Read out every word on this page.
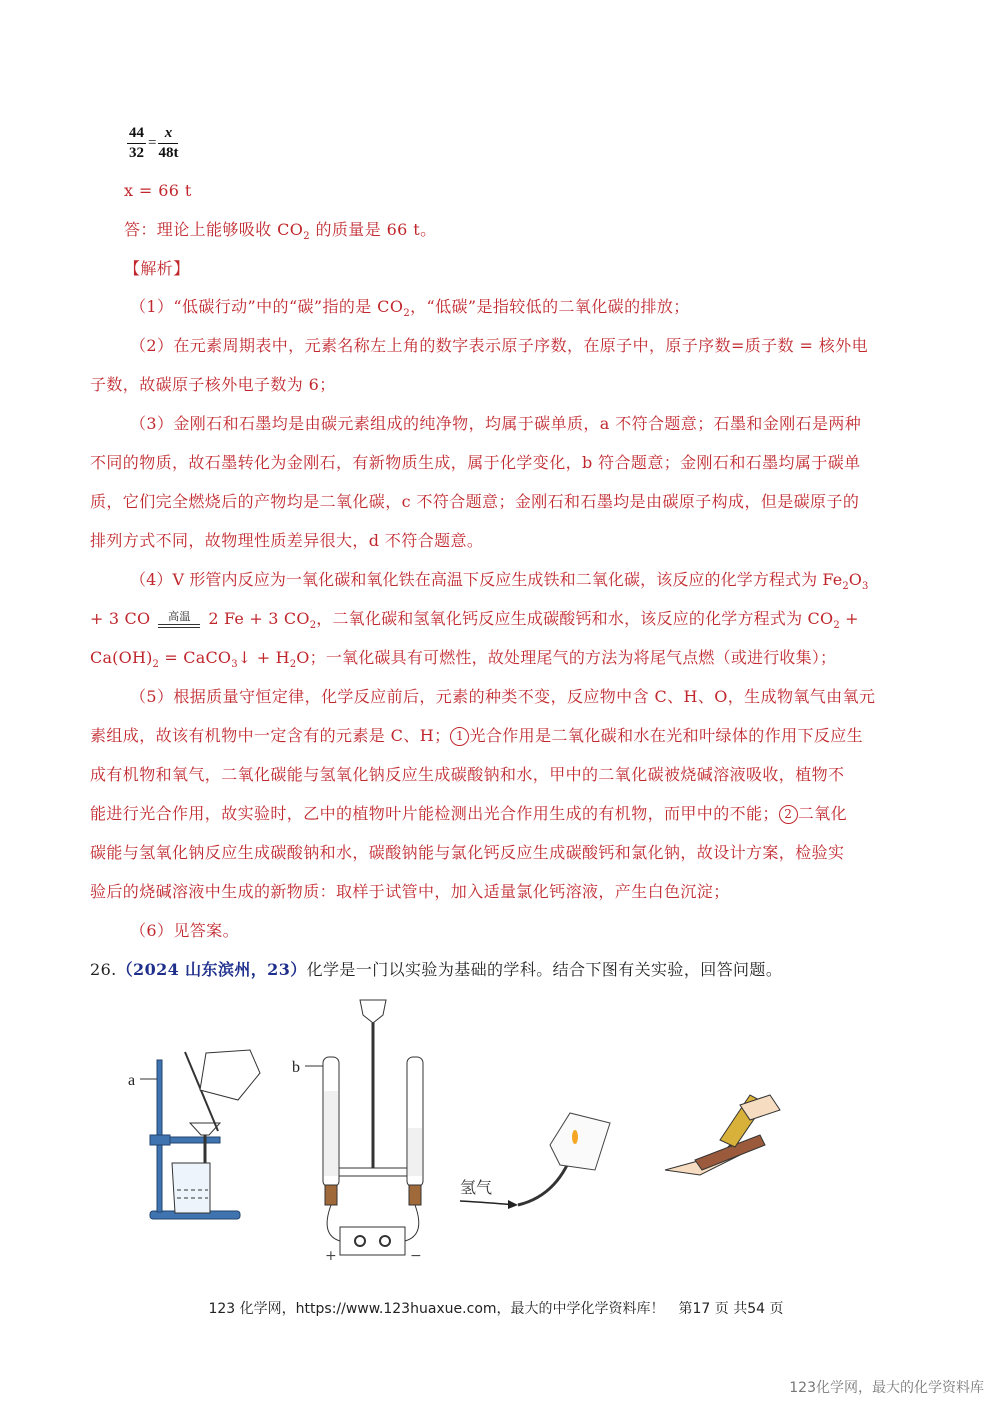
$\frac{44}{32} = \frac{x}{48t}$
x = 66 t
答：理论上能够吸收 $CO_2$ 的质量是 66 t。
【解析】
（1）“低碳行动”中的“碳”指的是 $CO_2$，“低碳”是指较低的二氧化碳的排放；
（2）在元素周期表中，元素名称左上角的数字表示原子序数，在原子中，原子序数=质子数 = 核外电
子数，故碳原子核外电子数为 6；
（3）金刚石和石墨均是由碳元素组成的纯净物，均属于碳单质，a 不符合题意；石墨和金刚石是两种
不同的物质，故石墨转化为金刚石，有新物质生成，属于化学变化，b 符合题意；金刚石和石墨均属于碳单
质，它们完全燃烧后的产物均是二氧化碳，c 不符合题意；金刚石和石墨均是由碳原子构成，但是碳原子的
排列方式不同，故物理性质差异很大，d 不符合题意。
（4）V 形管内反应为一氧化碳和氧化铁在高温下反应生成铁和二氧化碳，该反应的化学方程式为 $Fe_2O_3$
+ 3 CO 高温 2 Fe + 3 $CO_2$，二氧化碳和氢氧化钙反应生成碳酸钙和水，该反应的化学方程式为 $CO_2$ +
$Ca(OH)_2$ = CaCO$_3$↓ + $H_2O$；一氧化碳具有可燃性，故处理尾气的方法为将尾气点燃（或进行收集）；
（5）根据质量守恒定律，化学反应前后，元素的种类不变，反应物中含 C、H、O，生成物氧气由氧元
素组成，故该有机物中一定含有的元素是 C、H； 1 光合作用是二氧化碳和水在光和叶绿体的作用下反应生
成有机物和氧气，二氧化碳能与氢氧化钠反应生成碳酸钠和水，甲中的二氧化碳被烧碱溶液吸收，植物不
能进行光合作用，故实验时，乙中的植物叶片能检测出光合作用生成的有机物，而甲中的不能； 2 二氧化
碳能与氢氧化钠反应生成碳酸钠和水，碳酸钠能与氯化钙反应生成碳酸钙和氯化钠，故设计方案，检验实
验后的烧碱溶液中生成的新物质：取样于试管中，加入适量氯化钙溶液，产生白色沉淀；
（6）见答案。
26.（2024 山东滨州，23）化学是一门以实验为基础的学科。结合下图有关实验，回答问题。
a
b
+	−
氢气
123 化学网，https://www.123huaxue.com，最大的中学化学资料库！　第17 页 共54 页
123化学网，最大的化学资料库
